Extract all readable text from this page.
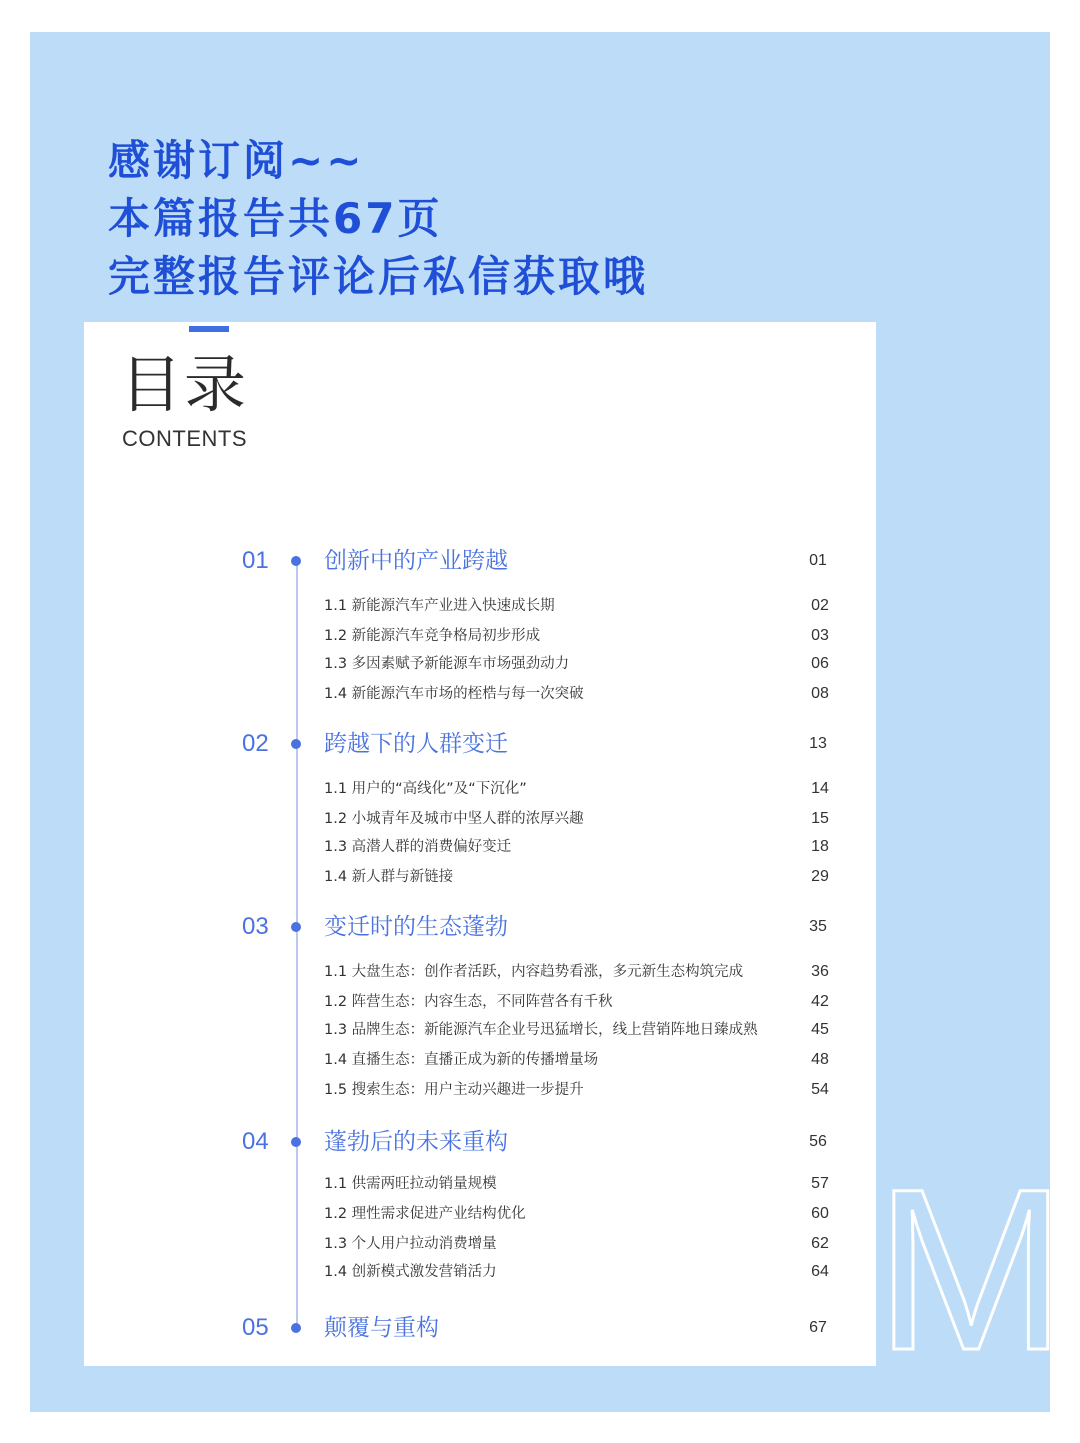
感谢订阅~~
本篇报告共67页
完整报告评论后私信获取哦
目录
CONTENTS
01 创新中的产业跨越	01
1.1 新能源汽车产业进入快速成长期	02
1.2 新能源汽车竞争格局初步形成	03
1.3 多因素赋予新能源车市场强劲动力	06
1.4 新能源汽车市场的桎梏与每一次突破	08
02 跨越下的人群变迁	13
1.1 用户的“高线化”及“下沉化”	14
1.2 小城青年及城市中坚人群的浓厚兴趣	15
1.3 高潜人群的消费偏好变迁	18
1.4 新人群与新链接	29
03 变迁时的生态蓬勃	35
1.1 大盘生态：创作者活跃，内容趋势看涨，多元新生态构筑完成	36
1.2 阵营生态：内容生态，不同阵营各有千秋	42
1.3 品牌生态：新能源汽车企业号迅猛增长，线上营销阵地日臻成熟	45
1.4 直播生态：直播正成为新的传播增量场	48
1.5 搜索生态：用户主动兴趣进一步提升	54
04 蓬勃后的未来重构	56
1.1 供需两旺拉动销量规模	57
1.2 理性需求促进产业结构优化	60
1.3 个人用户拉动消费增量	62
1.4 创新模式激发营销活力	64
05 颠覆与重构	67 M
